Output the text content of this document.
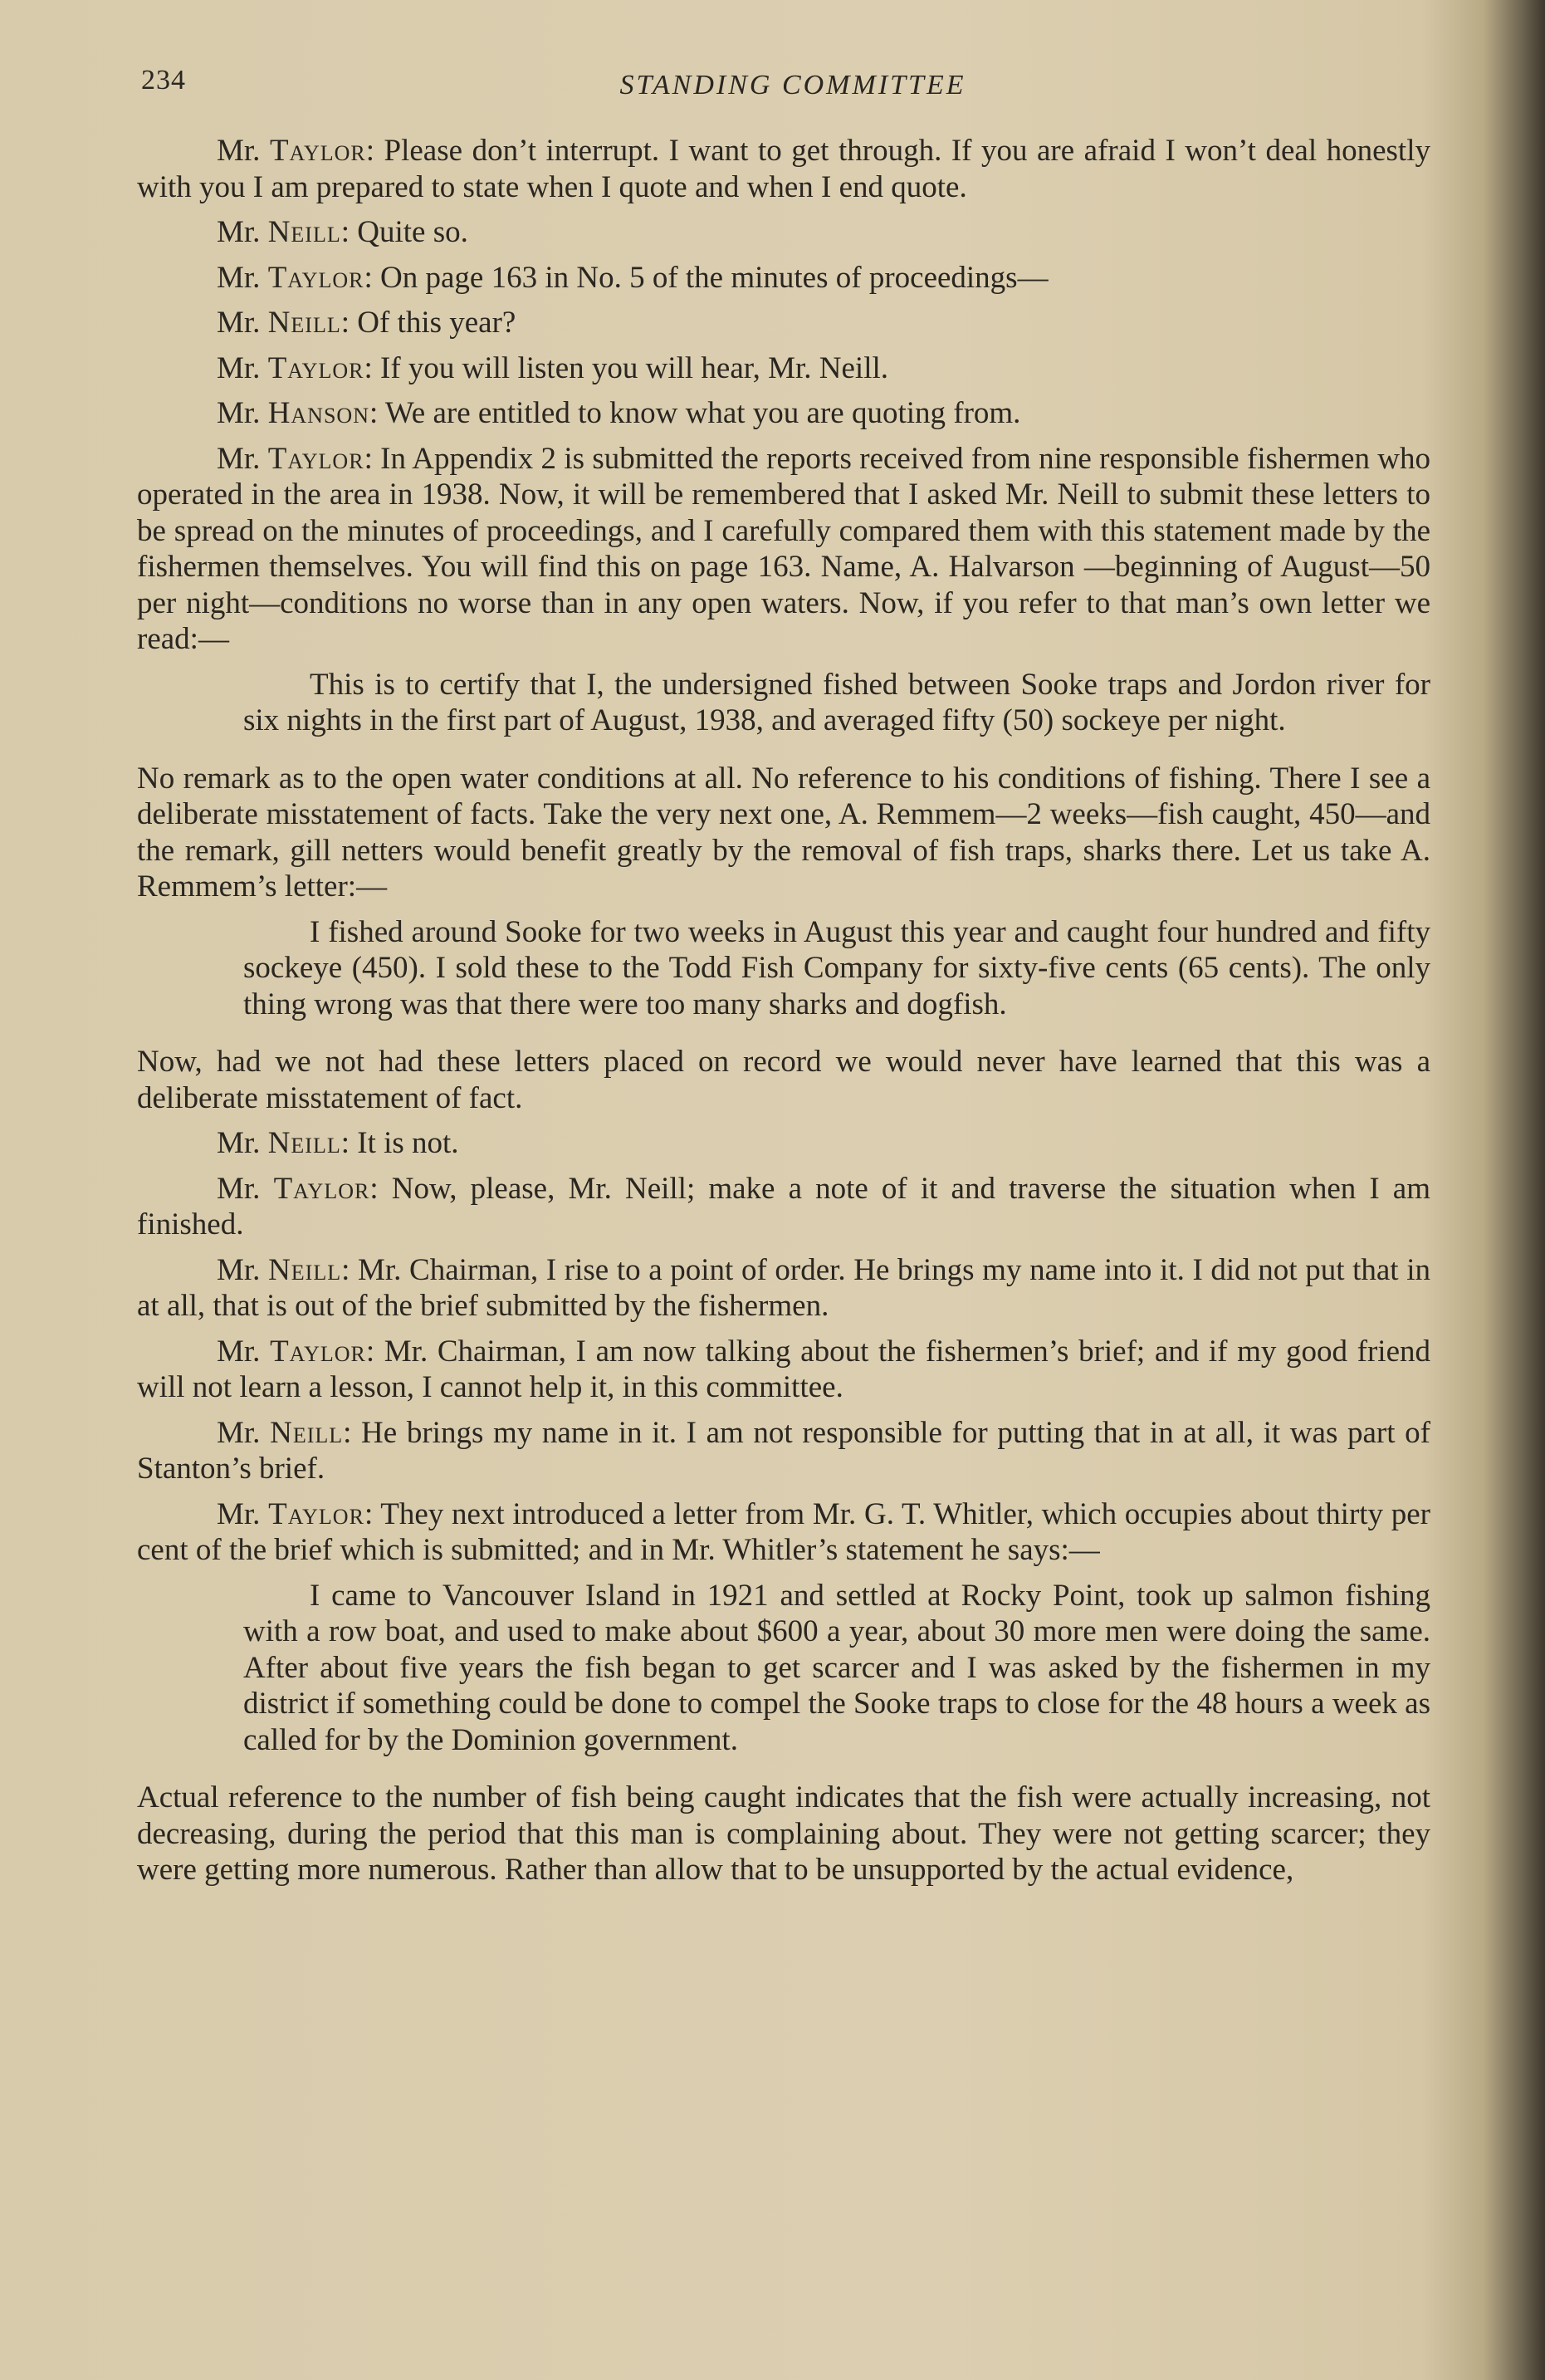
234	STANDING COMMITTEE

Mr. Taylor: Please don’t interrupt. I want to get through. If you are afraid I won’t deal honestly with you I am prepared to state when I quote and when I end quote.

Mr. Neill: Quite so.

Mr. Taylor: On page 163 in No. 5 of the minutes of proceedings—

Mr. Neill: Of this year?

Mr. Taylor: If you will listen you will hear, Mr. Neill.

Mr. Hanson: We are entitled to know what you are quoting from.

Mr. Taylor: In Appendix 2 is submitted the reports received from nine responsible fishermen who operated in the area in 1938. Now, it will be remembered that I asked Mr. Neill to submit these letters to be spread on the minutes of proceedings, and I carefully compared them with this statement made by the fishermen themselves. You will find this on page 163. Name, A. Halvarson —beginning of August—50 per night—conditions no worse than in any open waters. Now, if you refer to that man’s own letter we read:—

This is to certify that I, the undersigned fished between Sooke traps and Jordon river for six nights in the first part of August, 1938, and averaged fifty (50) sockeye per night.

No remark as to the open water conditions at all. No reference to his conditions of fishing. There I see a deliberate misstatement of facts. Take the very next one, A. Remmem—2 weeks—fish caught, 450—and the remark, gill netters would benefit greatly by the removal of fish traps, sharks there. Let us take A. Remmem’s letter:—

I fished around Sooke for two weeks in August this year and caught four hundred and fifty sockeye (450). I sold these to the Todd Fish Company for sixty-five cents (65 cents). The only thing wrong was that there were too many sharks and dogfish.

Now, had we not had these letters placed on record we would never have learned that this was a deliberate misstatement of fact.

Mr. Neill: It is not.

Mr. Taylor: Now, please, Mr. Neill; make a note of it and traverse the situation when I am finished.

Mr. Neill: Mr. Chairman, I rise to a point of order. He brings my name into it. I did not put that in at all, that is out of the brief submitted by the fishermen.

Mr. Taylor: Mr. Chairman, I am now talking about the fishermen’s brief; and if my good friend will not learn a lesson, I cannot help it, in this committee.

Mr. Neill: He brings my name in it. I am not responsible for putting that in at all, it was part of Stanton’s brief.

Mr. Taylor: They next introduced a letter from Mr. G. T. Whitler, which occupies about thirty per cent of the brief which is submitted; and in Mr. Whitler’s statement he says:—

I came to Vancouver Island in 1921 and settled at Rocky Point, took up salmon fishing with a row boat, and used to make about $600 a year, about 30 more men were doing the same. After about five years the fish began to get scarcer and I was asked by the fishermen in my district if something could be done to compel the Sooke traps to close for the 48 hours a week as called for by the Dominion government.

Actual reference to the number of fish being caught indicates that the fish were actually increasing, not decreasing, during the period that this man is complaining about. They were not getting scarcer; they were getting more numerous. Rather than allow that to be unsupported by the actual evidence,
